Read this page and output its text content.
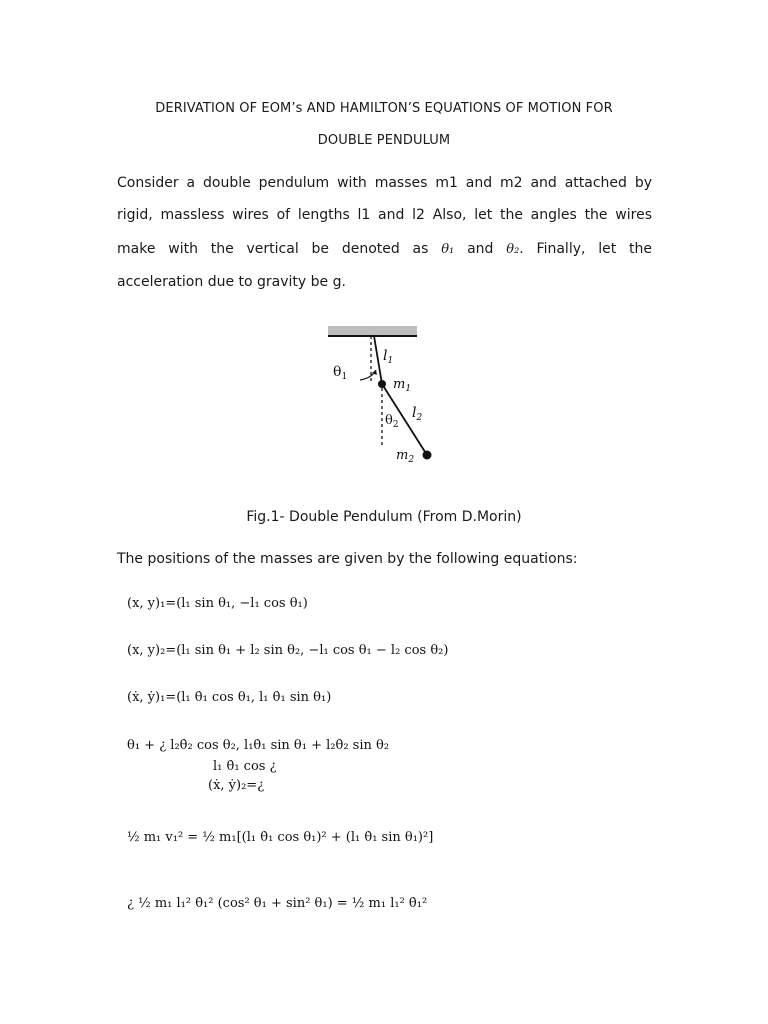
DERIVATION OF EOM’s AND HAMILTON’S EQUATIONS OF MOTION FOR
DOUBLE PENDULUM
Consider a double pendulum with masses m1 and m2 and attached by
rigid, massless wires of lengths l1 and l2 Also, let the angles the wires
make with the vertical be denoted as θ₁ and θ₂. Finally, let the
acceleration due to gravity be g.
$l_1$
$\theta_1$	$m_1$
$\theta_2$
$l_2$
$m_2$
Fig.1- Double Pendulum (From D.Morin)
The positions of the masses are given by the following equations:
(x, y)₁=(l₁ sin θ₁, −l₁ cos θ₁)
(x, y)₂=(l₁ sin θ₁ + l₂ sin θ₂, −l₁ cos θ₁ − l₂ cos θ₂)
(ẋ, ẏ)₁=(l₁ θ̇₁ cos θ₁, l₁ θ̇₁ sin θ₁)
θ₁ + ¿ l₂θ̇₂ cos θ₂, l₁θ̇₁ sin θ₁ + l₂θ̇₂ sin θ₂
l₁ θ̇₁ cos ¿
(ẋ, ẏ)₂=¿
½ m₁ v₁² = ½ m₁[(l₁ θ̇₁ cos θ₁)² + (l₁ θ̇₁ sin θ₁)²]
¿ ½ m₁ l₁² θ̇₁² (cos² θ₁ + sin² θ₁) = ½ m₁ l₁² θ̇₁²
